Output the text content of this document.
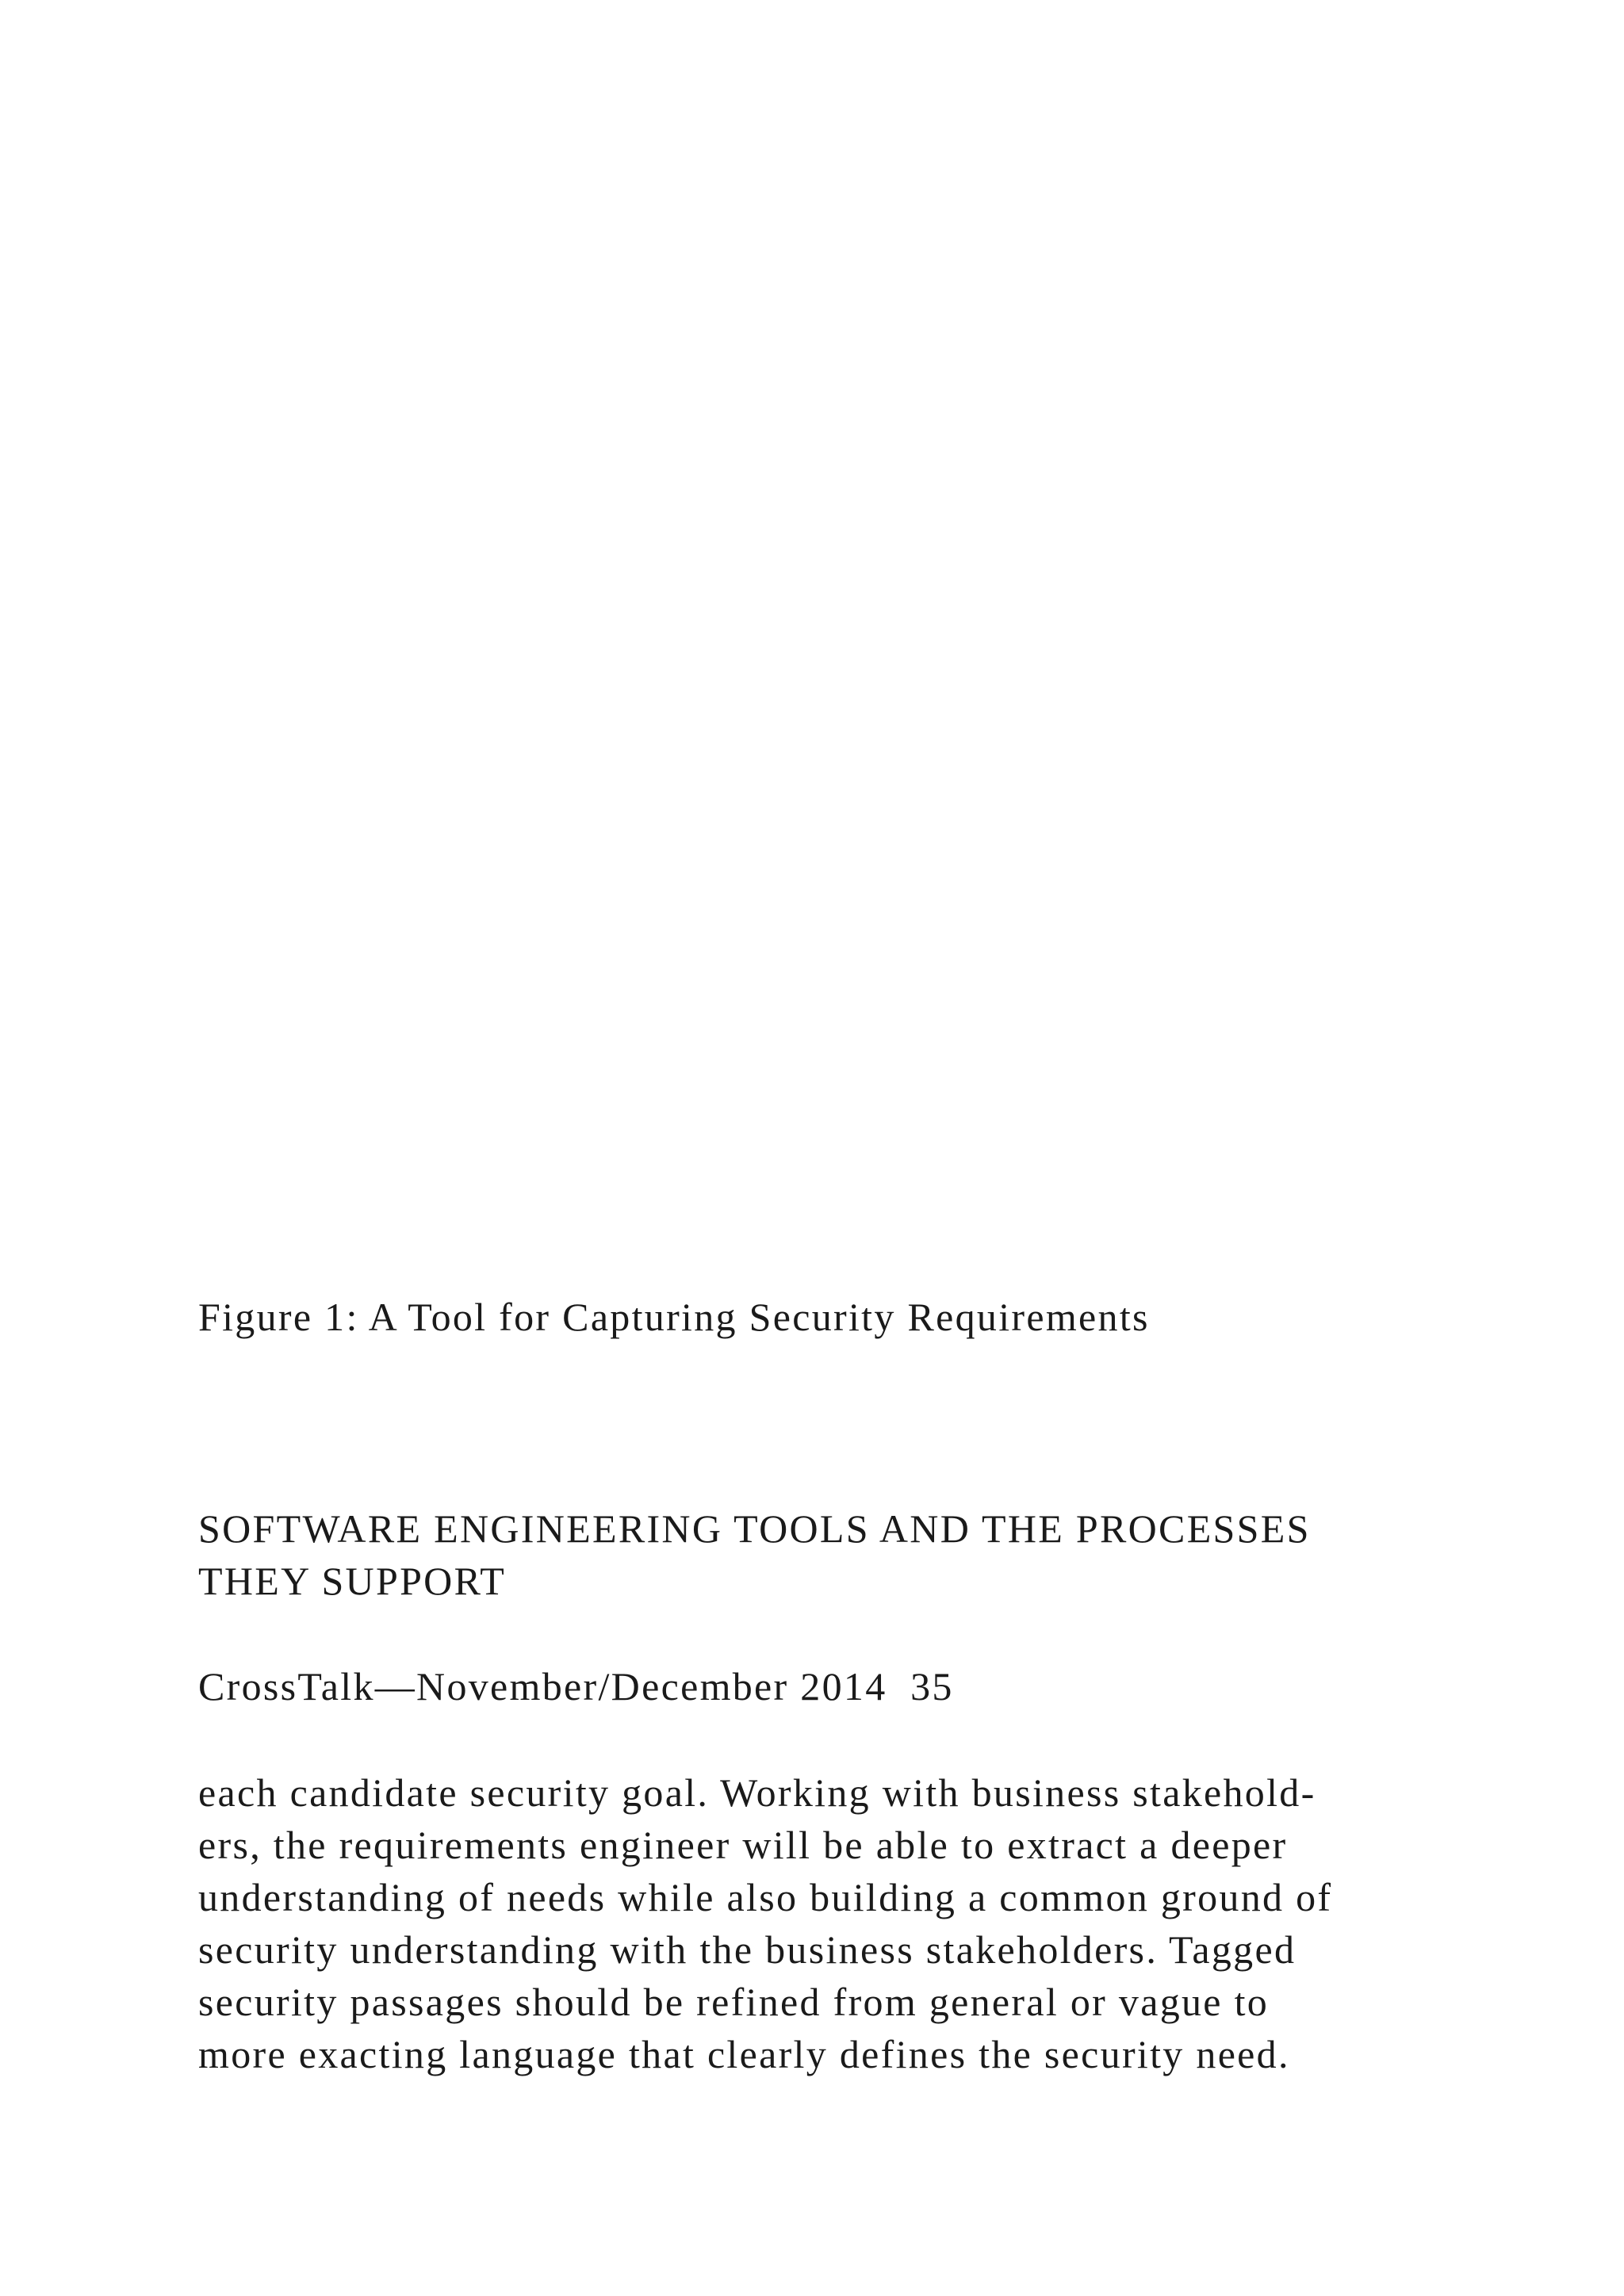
Figure 1: A Tool for Capturing Security Requirements

SOFTWARE ENGINEERING TOOLS AND THE PROCESSES

THEY SUPPORT

CrossTalk—November/December 2014  35

each candidate security goal. Working with business stakehold-

ers, the requirements engineer will be able to extract a deeper

understanding of needs while also building a common ground of

security understanding with the business stakeholders. Tagged

security passages should be refined from general or vague to

more exacting language that clearly defines the security need.
